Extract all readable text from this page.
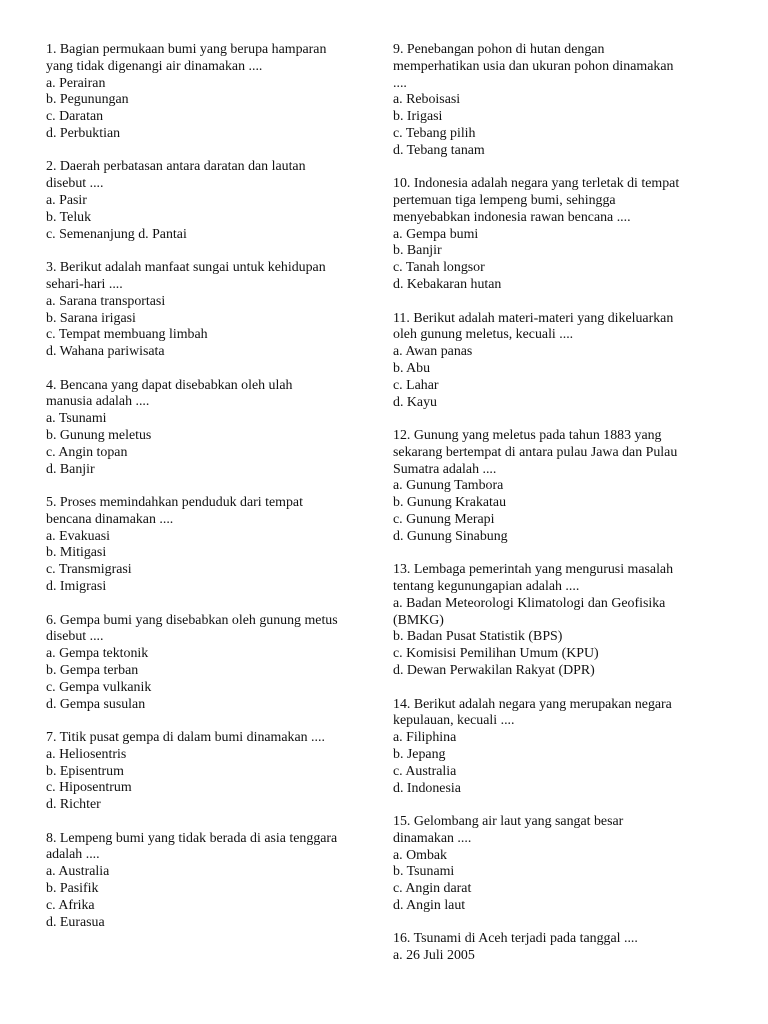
1. Bagian permukaan bumi yang berupa hamparan
yang tidak digenangi air dinamakan ....
a. Perairan
b. Pegunungan
c. Daratan
d. Perbuktian
2. Daerah perbatasan antara daratan dan lautan
disebut ....
a. Pasir
b. Teluk
c. Semenanjung d. Pantai
3. Berikut adalah manfaat sungai untuk kehidupan
sehari-hari ....
a. Sarana transportasi
b. Sarana irigasi
c. Tempat membuang limbah
d. Wahana pariwisata
4. Bencana yang dapat disebabkan oleh ulah
manusia adalah ....
a. Tsunami
b. Gunung meletus
c. Angin topan
d. Banjir
5. Proses memindahkan penduduk dari tempat
bencana dinamakan ....
a. Evakuasi
b. Mitigasi
c. Transmigrasi
d. Imigrasi
6. Gempa bumi yang disebabkan oleh gunung metus
disebut ....
a. Gempa tektonik
b. Gempa terban
c. Gempa vulkanik
d. Gempa susulan
7. Titik pusat gempa di dalam bumi dinamakan ....
a. Heliosentris
b. Episentrum
c. Hiposentrum
d. Richter
8. Lempeng bumi yang tidak berada di asia tenggara
adalah ....
a. Australia
b. Pasifik
c. Afrika
d. Eurasua
9. Penebangan pohon di hutan dengan
memperhatikan usia dan ukuran pohon dinamakan
....
a. Reboisasi
b. Irigasi
c. Tebang pilih
d. Tebang tanam
10. Indonesia adalah negara yang terletak di tempat
pertemuan tiga lempeng bumi, sehingga
menyebabkan indonesia rawan bencana ....
a. Gempa bumi
b. Banjir
c. Tanah longsor
d. Kebakaran hutan
11. Berikut adalah materi-materi yang dikeluarkan
oleh gunung meletus, kecuali ....
a. Awan panas
b. Abu
c. Lahar
d. Kayu
12. Gunung yang meletus pada tahun 1883 yang
sekarang bertempat di antara pulau Jawa dan Pulau
Sumatra adalah ....
a. Gunung Tambora
b. Gunung Krakatau
c. Gunung Merapi
d. Gunung Sinabung
13. Lembaga pemerintah yang mengurusi masalah
tentang kegunungapian adalah ....
a. Badan Meteorologi Klimatologi dan Geofisika
(BMKG)
b. Badan Pusat Statistik (BPS)
c. Komisisi Pemilihan Umum (KPU)
d. Dewan Perwakilan Rakyat (DPR)
14. Berikut adalah negara yang merupakan negara
kepulauan, kecuali ....
a. Filiphina
b. Jepang
c. Australia
d. Indonesia
15. Gelombang air laut yang sangat besar
dinamakan ....
a. Ombak
b. Tsunami
c. Angin darat
d. Angin laut
16. Tsunami di Aceh terjadi pada tanggal ....
a. 26 Juli 2005
